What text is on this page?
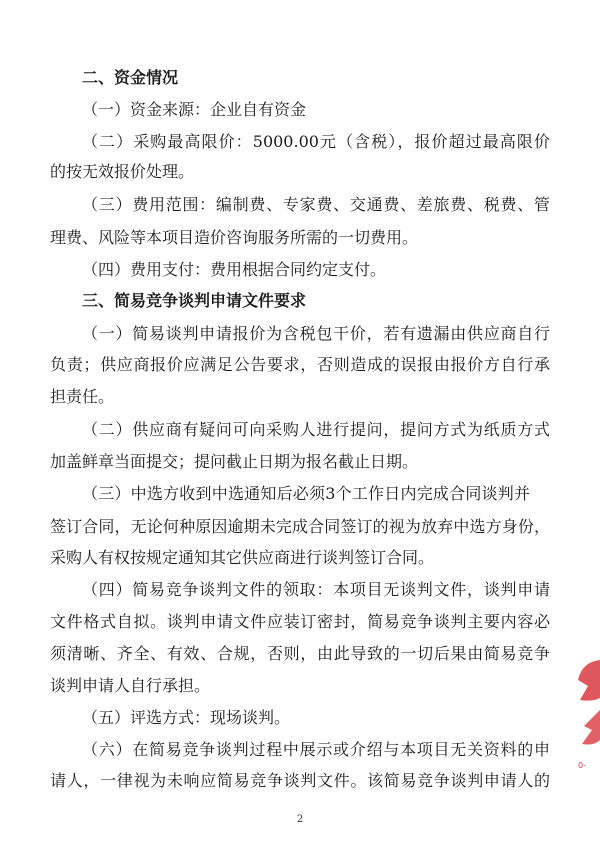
二、资金情况
（一）资金来源：企业自有资金
（二）采购最高限价：5000.00元（含税），报价超过最高限价
的按无效报价处理。
（三）费用范围：编制费、专家费、交通费、差旅费、税费、管
理费、风险等本项目造价咨询服务所需的一切费用。
（四）费用支付：费用根据合同约定支付。
三、简易竞争谈判申请文件要求
（一）简易谈判申请报价为含税包干价，若有遗漏由供应商自行
负责；供应商报价应满足公告要求，否则造成的误报由报价方自行承
担责任。
（二）供应商有疑问可向采购人进行提问，提问方式为纸质方式
加盖鲜章当面提交；提问截止日期为报名截止日期。
（三）中选方收到中选通知后必须3个工作日内完成合同谈判并
签订合同，无论何种原因逾期未完成合同签订的视为放弃中选方身份，
采购人有权按规定通知其它供应商进行谈判签订合同。
（四）简易竞争谈判文件的领取：本项目无谈判文件，谈判申请
文件格式自拟。谈判申请文件应装订密封，简易竞争谈判主要内容必
须清晰、齐全、有效、合规，否则，由此导致的一切后果由简易竞争
谈判申请人自行承担。
（五）评选方式：现场谈判。
（六）在简易竞争谈判过程中展示或介绍与本项目无关资料的申
请人，一律视为未响应简易竞争谈判文件。该简易竞争谈判申请人的
2
0-
